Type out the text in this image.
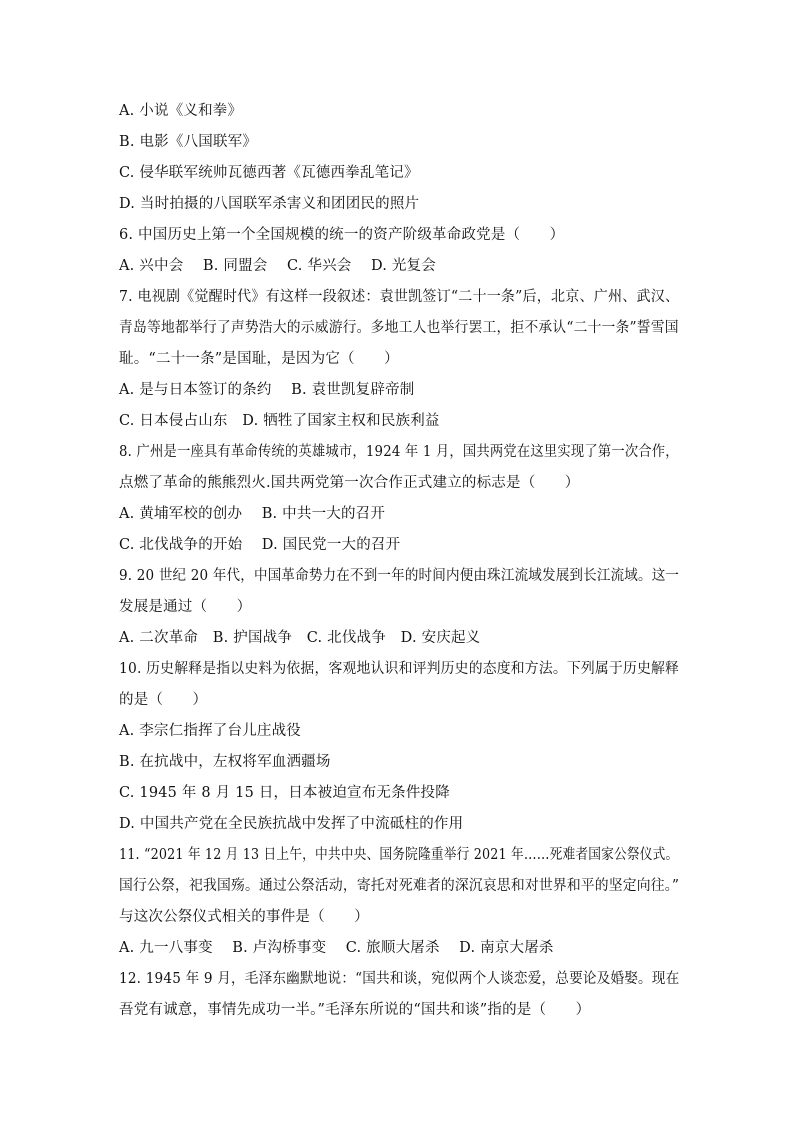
A. 小说《义和拳》
B. 电影《八国联军》
C. 侵华联军统帅瓦德西著《瓦德西拳乱笔记》
D. 当时拍摄的八国联军杀害义和团团民的照片
6. 中国历史上第一个全国规模的统一的资产阶级革命政党是（　　）
A. 兴中会　 B. 同盟会　 C. 华兴会　 D. 光复会
7. 电视剧《觉醒时代》有这样一段叙述：袁世凯签订“二十一条”后，北京、广州、武汉、
青岛等地都举行了声势浩大的示威游行。多地工人也举行罢工，拒不承认“二十一条”誓雪国
耻。“二十一条”是国耻，是因为它（　　）
A. 是与日本签订的条约　 B. 袁世凯复辟帝制
C. 日本侵占山东　D. 牺牲了国家主权和民族利益
8. 广州是一座具有革命传统的英雄城市，1924 年 1 月，国共两党在这里实现了第一次合作，
点燃了革命的熊熊烈火.国共两党第一次合作正式建立的标志是（　　）
A. 黄埔军校的创办　 B. 中共一大的召开
C. 北伐战争的开始　 D. 国民党一大的召开
9. 20 世纪 20 年代，中国革命势力在不到一年的时间内便由珠江流域发展到长江流域。这一
发展是通过（　　）
A. 二次革命　B. 护国战争　C. 北伐战争　D. 安庆起义
10. 历史解释是指以史料为依据，客观地认识和评判历史的态度和方法。下列属于历史解释
的是（　　）
A. 李宗仁指挥了台儿庄战役
B. 在抗战中，左权将军血洒疆场
C. 1945 年 8 月 15 日，日本被迫宣布无条件投降
D. 中国共产党在全民族抗战中发挥了中流砥柱的作用
11. “2021 年 12 月 13 日上午，中共中央、国务院隆重举行 2021 年……死难者国家公祭仪式。
国行公祭，祀我国殇。通过公祭活动，寄托对死难者的深沉哀思和对世界和平的坚定向往。”
与这次公祭仪式相关的事件是（　　）
A. 九一八事变　 B. 卢沟桥事变　 C. 旅顺大屠杀　 D. 南京大屠杀
12. 1945 年 9 月，毛泽东幽默地说：“国共和谈，宛似两个人谈恋爱，总要论及婚娶。现在
吾党有诚意，事情先成功一半。”毛泽东所说的“国共和谈”指的是（　　）
